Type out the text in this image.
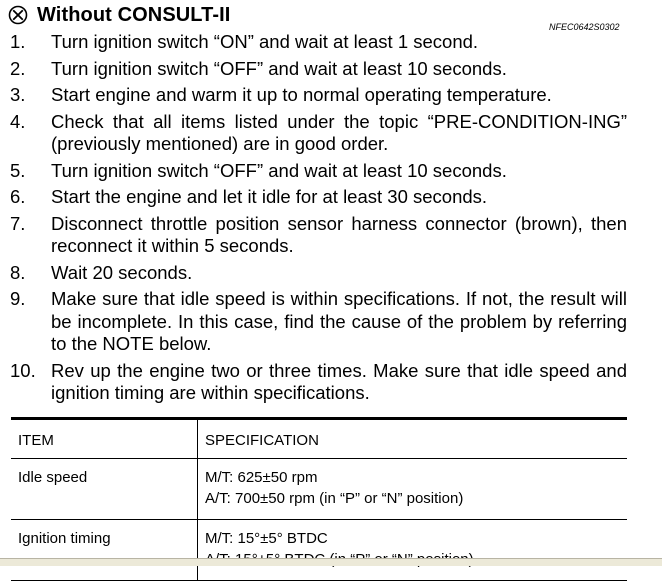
Without CONSULT-II
NFEC0642S0302
1.	Turn ignition switch “ON” and wait at least 1 second.
2.	Turn ignition switch “OFF” and wait at least 10 seconds.
3.	Start engine and warm it up to normal operating temperature.
4.	Check that all items listed under the topic “PRE-CONDITION-ING” (previously mentioned) are in good order.
5.	Turn ignition switch “OFF” and wait at least 10 seconds.
6.	Start the engine and let it idle for at least 30 seconds.
7.	Disconnect throttle position sensor harness connector (brown), then reconnect it within 5 seconds.
8.	Wait 20 seconds.
9.	Make sure that idle speed is within specifications. If not, the result will be incomplete. In this case, find the cause of the problem by referring to the NOTE below.
10. Rev up the engine two or three times. Make sure that idle speed and ignition timing are within specifications.
ITEM	SPECIFICATION
Idle speed	M/T: 625±50 rpm
A/T: 700±50 rpm (in “P” or “N” position)

Ignition timing	M/T: 15°±5° BTDC
